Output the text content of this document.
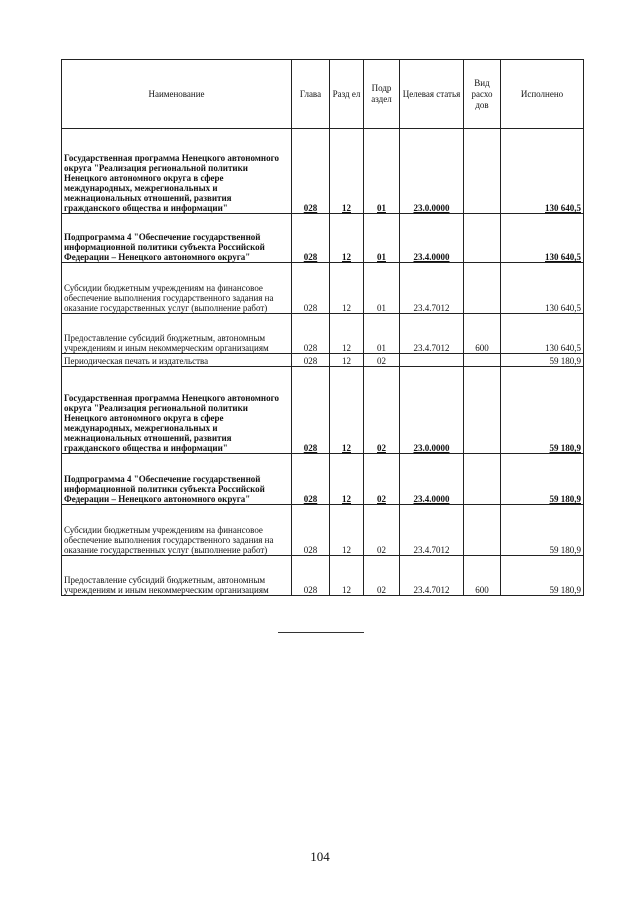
Наименование	Глава	Разд ел	Подр аздел	Целевая статья	Вид расхо дов	Исполнено
Государственная программа Ненецкого автономного округа "Реализация региональной политики Ненецкого автономного округа в сфере международных, межрегиональных и межнациональных отношений, развития гражданского общества и информации"	028	12	01	23.0.0000		130 640,5
Подпрограмма 4 "Обеспечение государственной информационной политики субъекта Российской Федерации – Ненецкого автономного округа"	028	12	01	23.4.0000		130 640,5
Субсидии бюджетным учреждениям на финансовое обеспечение выполнения государственного задания на оказание государственных услуг (выполнение работ)	028	12	01	23.4.7012		130 640,5
Предоставление субсидий бюджетным, автономным учреждениям и иным некоммерческим организациям	028	12	01	23.4.7012	600	130 640,5
Периодическая печать и издательства	028	12	02			59 180,9
Государственная программа Ненецкого автономного округа "Реализация региональной политики Ненецкого автономного округа в сфере международных, межрегиональных и межнациональных отношений, развития гражданского общества и информации"	028	12	02	23.0.0000		59 180,9
Подпрограмма 4 "Обеспечение государственной информационной политики субъекта Российской Федерации – Ненецкого автономного округа"	028	12	02	23.4.0000		59 180,9
Субсидии бюджетным учреждениям на финансовое обеспечение выполнения государственного задания на оказание государственных услуг (выполнение работ)	028	12	02	23.4.7012		59 180,9
Предоставление субсидий бюджетным, автономным учреждениям и иным некоммерческим организациям	028	12	02	23.4.7012	600	59 180,9
104
